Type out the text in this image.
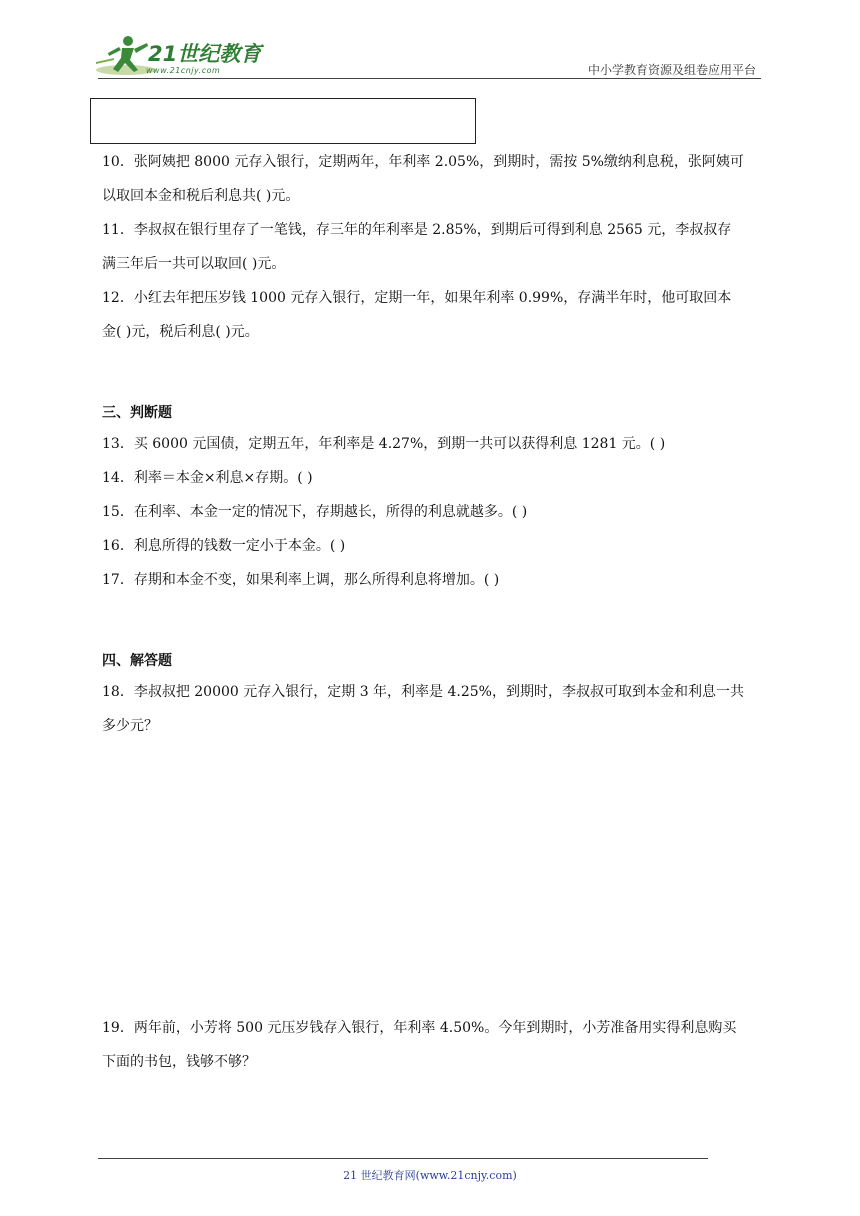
21世纪教育
www.21cnjy.com	中小学教育资源及组卷应用平台
10．张阿姨把 8000 元存入银行，定期两年，年利率 2.05%，到期时，需按 5%缴纳利息税，张阿姨可
以取回本金和税后利息共( )元。
11．李叔叔在银行里存了一笔钱，存三年的年利率是 2.85%，到期后可得到利息 2565 元，李叔叔存
满三年后一共可以取回( )元。
12．小红去年把压岁钱 1000 元存入银行，定期一年，如果年利率 0.99%，存满半年时，他可取回本
金( )元，税后利息( )元。
三、判断题
13．买 6000 元国债，定期五年，年利率是 4.27%，到期一共可以获得利息 1281 元。( )
14．利率＝本金×利息×存期。( )
15．在利率、本金一定的情况下，存期越长，所得的利息就越多。( )
16．利息所得的钱数一定小于本金。( )
17．存期和本金不变，如果利率上调，那么所得利息将增加。( )
四、解答题
18．李叔叔把 20000 元存入银行，定期 3 年，利率是 4.25%，到期时，李叔叔可取到本金和利息一共
多少元？
19．两年前，小芳将 500 元压岁钱存入银行，年利率 4.50%。今年到期时，小芳准备用实得利息购买
下面的书包，钱够不够？
21 世纪教育网(www.21cnjy.com)
